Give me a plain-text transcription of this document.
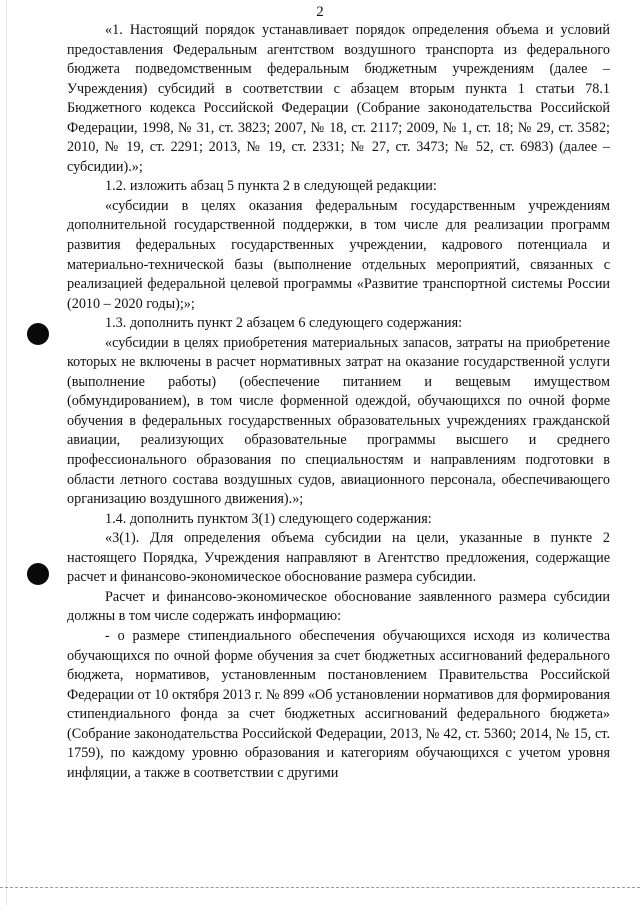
2

«1. Настоящий порядок устанавливает порядок определения объема и условий предоставления Федеральным агентством воздушного транспорта из федерального бюджета подведомственным федеральным бюджетным учреждениям (далее – Учреждения) субсидий в соответствии с абзацем вторым пункта 1 статьи 78.1 Бюджетного кодекса Российской Федерации (Собрание законодательства Российской Федерации, 1998, № 31, ст. 3823; 2007, № 18, ст. 2117; 2009, № 1, ст. 18; № 29, ст. 3582; 2010, № 19, ст. 2291; 2013, № 19, ст. 2331; № 27, ст. 3473; № 52, ст. 6983) (далее – субсидии).»;

1.2. изложить абзац 5 пункта 2 в следующей редакции:

«субсидии в целях оказания федеральным государственным учреждениям дополнительной государственной поддержки, в том числе для реализации программ развития федеральных государственных учреждении, кадрового потенциала и материально-технической базы (выполнение отдельных мероприятий, связанных с реализацией федеральной целевой программы «Развитие транспортной системы России (2010 – 2020 годы);»;

1.3. дополнить пункт 2 абзацем 6 следующего содержания:

«субсидии в целях приобретения материальных запасов, затраты на приобретение которых не включены в расчет нормативных затрат на оказание государственной услуги (выполнение работы) (обеспечение питанием и вещевым имуществом (обмундированием), в том числе форменной одеждой, обучающихся по очной форме обучения в федеральных государственных образовательных учреждениях гражданской авиации, реализующих образовательные программы высшего и среднего профессионального образования по специальностям и направлениям подготовки в области летного состава воздушных судов, авиационного персонала, обеспечивающего организацию воздушного движения).»;

1.4. дополнить пунктом 3(1) следующего содержания:

«3(1). Для определения объема субсидии на цели, указанные в пункте 2 настоящего Порядка, Учреждения направляют в Агентство предложения, содержащие расчет и финансово-экономическое обоснование размера субсидии.

Расчет и финансово-экономическое обоснование заявленного размера субсидии должны в том числе содержать информацию:

- о размере стипендиального обеспечения обучающихся исходя из количества обучающихся по очной форме обучения за счет бюджетных ассигнований федерального бюджета, нормативов, установленным постановлением Правительства Российской Федерации от 10 октября 2013 г. № 899 «Об установлении нормативов для формирования стипендиального фонда за счет бюджетных ассигнований федерального бюджета» (Собрание законодательства Российской Федерации, 2013, № 42, ст. 5360; 2014, № 15, ст. 1759), по каждому уровню образования и категориям обучающихся с учетом уровня инфляции, а также в соответствии с другими
